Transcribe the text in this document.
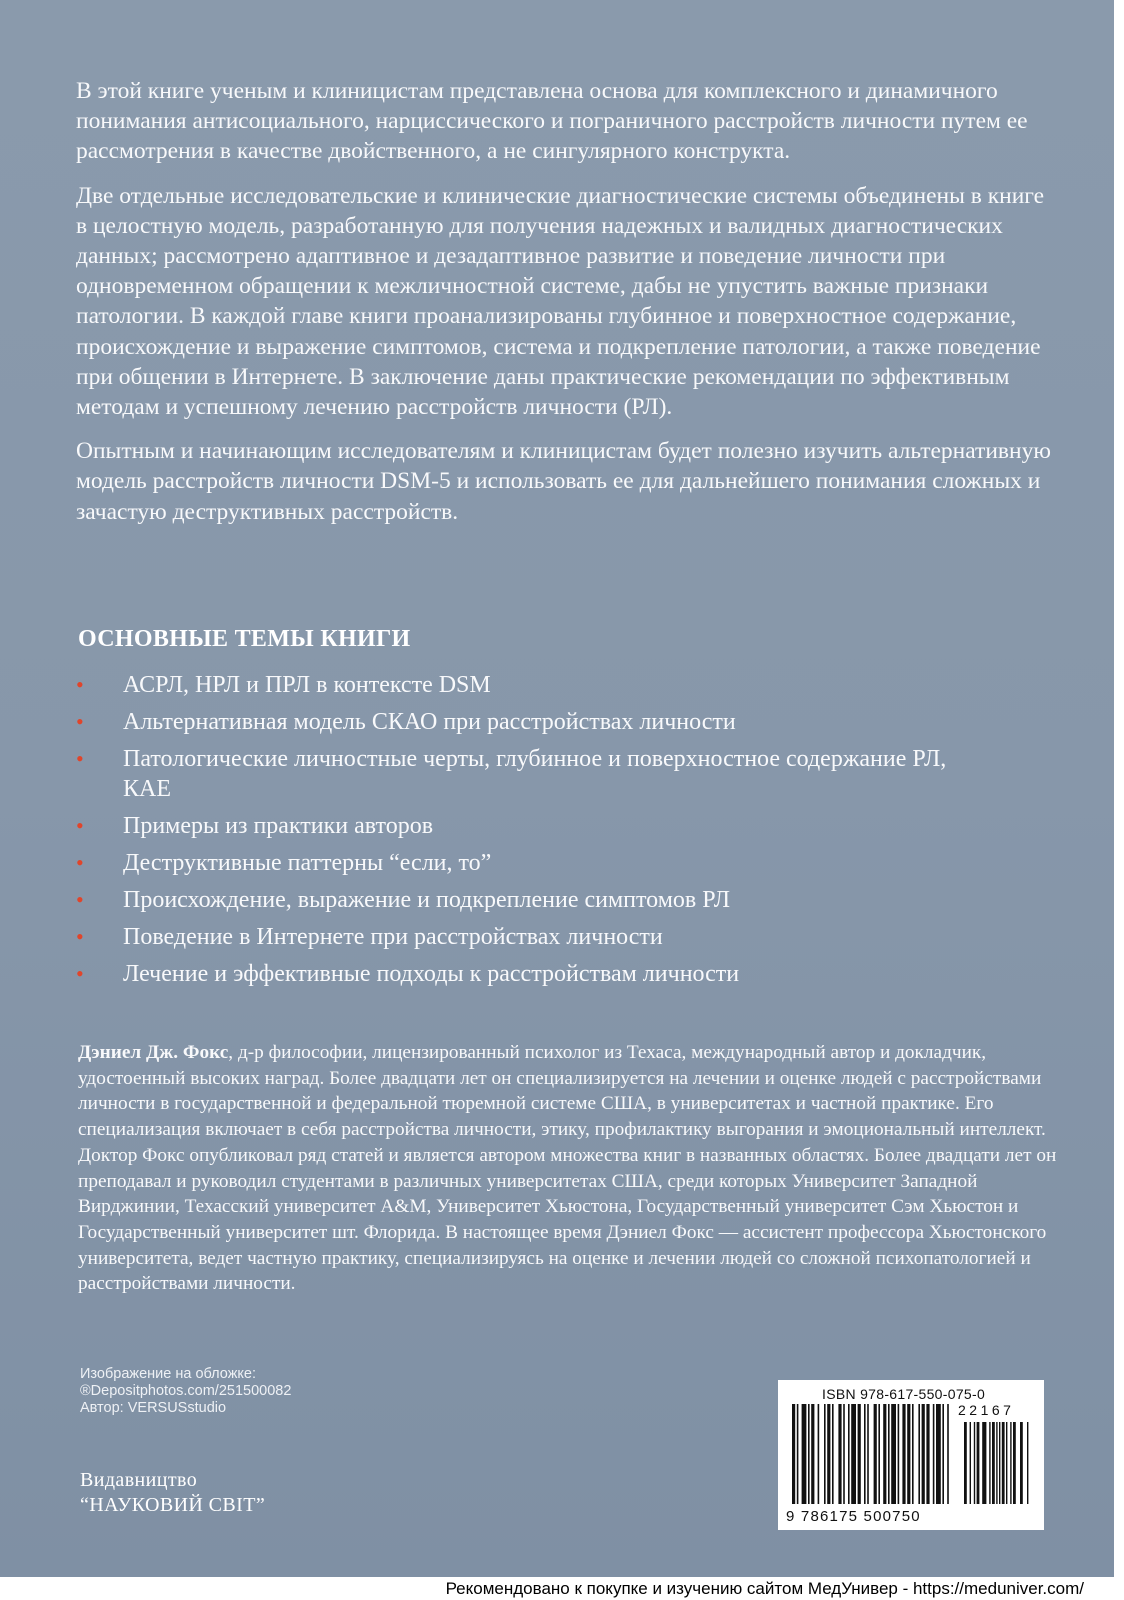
В этой книге ученым и клиницистам представлена основа для комплексного и динамичного понимания антисоциального, нарциссического и пограничного расстройств личности путем ее рассмотрения в качестве двойственного, а не сингулярного конструкта.

Две отдельные исследовательские и клинические диагностические системы объединены в книге в целостную модель, разработанную для получения надежных и валидных диагностических данных; рассмотрено адаптивное и дезадаптивное развитие и поведение личности при одновременном обращении к межличностной системе, дабы не упустить важные признаки патологии. В каждой главе книги проанализированы глубинное и поверхностное содержание, происхождение и выражение симптомов, система и подкрепление патологии, а также поведение при общении в Интернете. В заключение даны практические рекомендации по эффективным методам и успешному лечению расстройств личности (РЛ).

Опытным и начинающим исследователям и клиницистам будет полезно изучить альтернативную модель расстройств личности DSM-5 и использовать ее для дальнейшего понимания сложных и зачастую деструктивных расстройств.

ОСНОВНЫЕ ТЕМЫ КНИГИ
• АСРЛ, НРЛ и ПРЛ в контексте DSM
• Альтернативная модель СКАО при расстройствах личности
• Патологические личностные черты, глубинное и поверхностное содержание РЛ, КАЕ
• Примеры из практики авторов
• Деструктивные паттерны “если, то”
• Происхождение, выражение и подкрепление симптомов РЛ
• Поведение в Интернете при расстройствах личности
• Лечение и эффективные подходы к расстройствам личности
Дэниел Дж. Фокс, д-р философии, лицензированный психолог из Техаса, международный автор и докладчик, удостоенный высоких наград. Более двадцати лет он специализируется на лечении и оценке людей с расстройствами личности в государственной и федеральной тюремной системе США, в университетах и частной практике. Его специализация включает в себя расстройства личности, этику, профилактику выгорания и эмоциональный интеллект. Доктор Фокс опубликовал ряд статей и является автором множества книг в названных областях. Более двадцати лет он преподавал и руководил студентами в различных университетах США, среди которых Университет Западной Вирджинии, Техасский университет A&M, Университет Хьюстона, Государственный университет Сэм Хьюстон и Государственный университет шт. Флорида. В настоящее время Дэниел Фокс — ассистент профессора Хьюстонского университета, ведет частную практику, специализируясь на оценке и лечении людей со сложной психопатологией и расстройствами личности.
Изображение на обложке:
®Depositphotos.com/251500082
Автор: VERSUSstudio
Видавництво
“НАУКОВИЙ СВІТ”
ISBN 978-617-550-075-0
22167
9 786175 500750
Рекомендовано к покупке и изучению сайтом МедУнивер - https://meduniver.com/
